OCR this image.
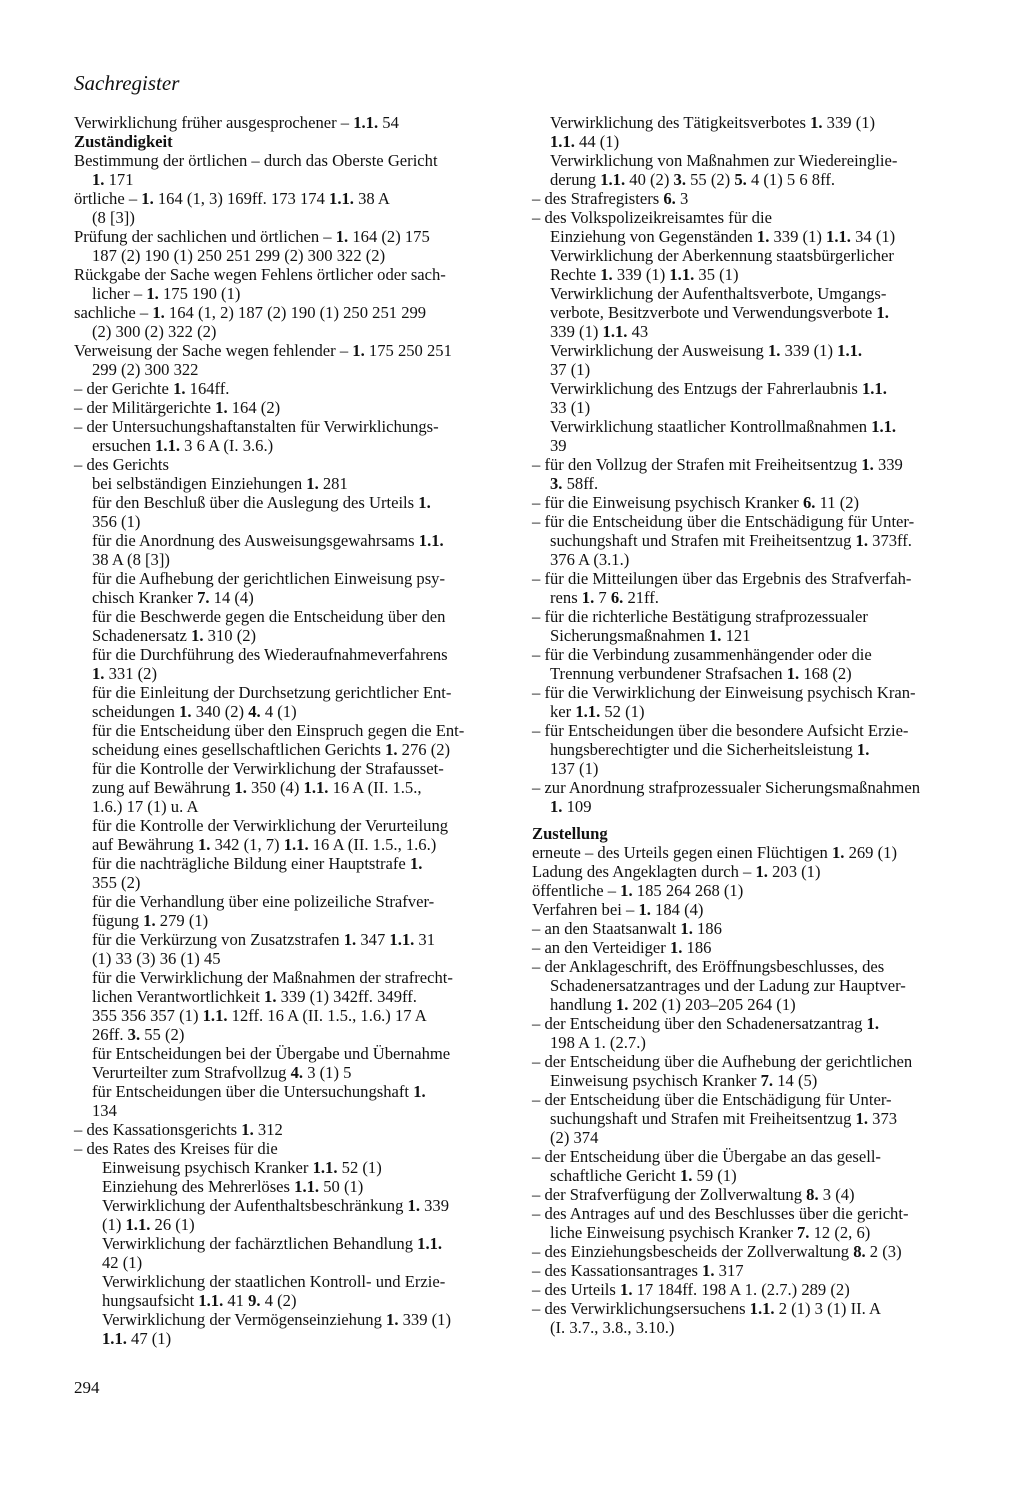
Sachregister
Verwirklichung früher ausgesprochener – 1.1. 54
Zuständigkeit
Bestimmung der örtlichen – durch das Oberste Gericht
1. 171
örtliche – 1. 164 (1, 3) 169ff. 173 174 1.1. 38 A
(8 [3])
Prüfung der sachlichen und örtlichen – 1. 164 (2) 175
187 (2) 190 (1) 250 251 299 (2) 300 322 (2)
Rückgabe der Sache wegen Fehlens örtlicher oder sach-
licher – 1. 175 190 (1)
sachliche – 1. 164 (1, 2) 187 (2) 190 (1) 250 251 299
(2) 300 (2) 322 (2)
Verweisung der Sache wegen fehlender – 1. 175 250 251
299 (2) 300 322
– der Gerichte 1. 164ff.
– der Militärgerichte 1. 164 (2)
– der Untersuchungshaftanstalten für Verwirklichungs-
ersuchen 1.1. 3 6 A (I. 3.6.)
– des Gerichts
bei selbständigen Einziehungen 1. 281
für den Beschluß über die Auslegung des Urteils 1.
356 (1)
für die Anordnung des Ausweisungsgewahrsams 1.1.
38 A (8 [3])
für die Aufhebung der gerichtlichen Einweisung psy-
chisch Kranker 7. 14 (4)
für die Beschwerde gegen die Entscheidung über den
Schadenersatz 1. 310 (2)
für die Durchführung des Wiederaufnahmeverfahrens
1. 331 (2)
für die Einleitung der Durchsetzung gerichtlicher Ent-
scheidungen 1. 340 (2) 4. 4 (1)
für die Entscheidung über den Einspruch gegen die Ent-
scheidung eines gesellschaftlichen Gerichts 1. 276 (2)
für die Kontrolle der Verwirklichung der Strafausset-
zung auf Bewährung 1. 350 (4) 1.1. 16 A (II. 1.5.,
1.6.) 17 (1) u. A
für die Kontrolle der Verwirklichung der Verurteilung
auf Bewährung 1. 342 (1, 7) 1.1. 16 A (II. 1.5., 1.6.)
für die nachträgliche Bildung einer Hauptstrafe 1.
355 (2)
für die Verhandlung über eine polizeiliche Strafver-
fügung 1. 279 (1)
für die Verkürzung von Zusatzstrafen 1. 347 1.1. 31
(1) 33 (3) 36 (1) 45
für die Verwirklichung der Maßnahmen der strafrecht-
lichen Verantwortlichkeit 1. 339 (1) 342ff. 349ff.
355 356 357 (1) 1.1. 12ff. 16 A (II. 1.5., 1.6.) 17 A
26ff. 3. 55 (2)
für Entscheidungen bei der Übergabe und Übernahme
Verurteilter zum Strafvollzug 4. 3 (1) 5
für Entscheidungen über die Untersuchungshaft 1.
134
– des Kassationsgerichts 1. 312
– des Rates des Kreises für die
Einweisung psychisch Kranker 1.1. 52 (1)
Einziehung des Mehrerlöses 1.1. 50 (1)
Verwirklichung der Aufenthaltsbeschränkung 1. 339
(1) 1.1. 26 (1)
Verwirklichung der fachärztlichen Behandlung 1.1.
42 (1)
Verwirklichung der staatlichen Kontroll- und Erzie-
hungsaufsicht 1.1. 41 9. 4 (2)
Verwirklichung der Vermögenseinziehung 1. 339 (1)
1.1. 47 (1)
Verwirklichung des Tätigkeitsverbotes 1. 339 (1)
1.1. 44 (1)
Verwirklichung von Maßnahmen zur Wiedereinglie-
derung 1.1. 40 (2) 3. 55 (2) 5. 4 (1) 5 6 8ff.
– des Strafregisters 6. 3
– des Volkspolizeikreisamtes für die
Einziehung von Gegenständen 1. 339 (1) 1.1. 34 (1)
Verwirklichung der Aberkennung staatsbürgerlicher
Rechte 1. 339 (1) 1.1. 35 (1)
Verwirklichung der Aufenthaltsverbote, Umgangs-
verbote, Besitzverbote und Verwendungsverbote 1.
339 (1) 1.1. 43
Verwirklichung der Ausweisung 1. 339 (1) 1.1.
37 (1)
Verwirklichung des Entzugs der Fahrerlaubnis 1.1.
33 (1)
Verwirklichung staatlicher Kontrollmaßnahmen 1.1.
39
– für den Vollzug der Strafen mit Freiheitsentzug 1. 339
3. 58ff.
– für die Einweisung psychisch Kranker 6. 11 (2)
– für die Entscheidung über die Entschädigung für Unter-
suchungshaft und Strafen mit Freiheitsentzug 1. 373ff.
376 A (3.1.)
– für die Mitteilungen über das Ergebnis des Strafverfah-
rens 1. 7 6. 21ff.
– für die richterliche Bestätigung strafprozessualer
Sicherungsmaßnahmen 1. 121
– für die Verbindung zusammenhängender oder die
Trennung verbundener Strafsachen 1. 168 (2)
– für die Verwirklichung der Einweisung psychisch Kran-
ker 1.1. 52 (1)
– für Entscheidungen über die besondere Aufsicht Erzie-
hungsberechtigter und die Sicherheitsleistung 1.
137 (1)
– zur Anordnung strafprozessualer Sicherungsmaßnahmen
1. 109
Zustellung
erneute – des Urteils gegen einen Flüchtigen 1. 269 (1)
Ladung des Angeklagten durch – 1. 203 (1)
öffentliche – 1. 185 264 268 (1)
Verfahren bei – 1. 184 (4)
– an den Staatsanwalt 1. 186
– an den Verteidiger 1. 186
– der Anklageschrift, des Eröffnungsbeschlusses, des
Schadenersatzantrages und der Ladung zur Hauptver-
handlung 1. 202 (1) 203–205 264 (1)
– der Entscheidung über den Schadenersatzantrag 1.
198 A 1. (2.7.)
– der Entscheidung über die Aufhebung der gerichtlichen
Einweisung psychisch Kranker 7. 14 (5)
– der Entscheidung über die Entschädigung für Unter-
suchungshaft und Strafen mit Freiheitsentzug 1. 373
(2) 374
– der Entscheidung über die Übergabe an das gesell-
schaftliche Gericht 1. 59 (1)
– der Strafverfügung der Zollverwaltung 8. 3 (4)
– des Antrages auf und des Beschlusses über die gericht-
liche Einweisung psychisch Kranker 7. 12 (2, 6)
– des Einziehungsbescheids der Zollverwaltung 8. 2 (3)
– des Kassationsantrages 1. 317
– des Urteils 1. 17 184ff. 198 A 1. (2.7.) 289 (2)
– des Verwirklichungsersuchens 1.1. 2 (1) 3 (1) II. A
(I. 3.7., 3.8., 3.10.)
294
